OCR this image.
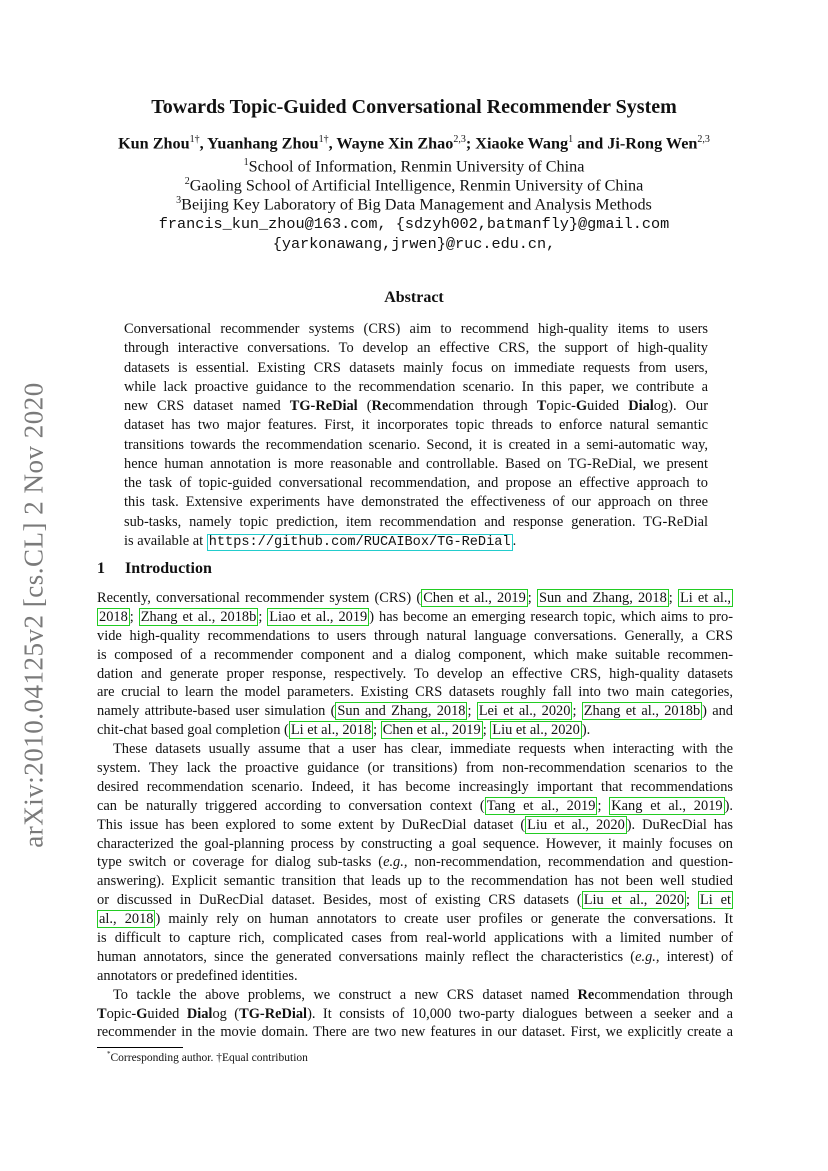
arXiv:2010.04125v2 [cs.CL] 2 Nov 2020
Towards Topic-Guided Conversational Recommender System
Kun Zhou$^{1\dagger}$, Yuanhang Zhou$^{1\dagger}$, Wayne Xin Zhao$^{2,3}$; Xiaoke Wang$^1$ and Ji-Rong Wen$^{2,3}$
$^1$School of Information, Renmin University of China
$^2$Gaoling School of Artificial Intelligence, Renmin University of China
$^3$Beijing Key Laboratory of Big Data Management and Analysis Methods
francis_kun_zhou@163.com, {sdzyh002,batmanfly}@gmail.com
{yarkonawang,jrwen}@ruc.edu.cn,
Abstract
Conversational recommender systems (CRS) aim to recommend high-quality items to users
through interactive conversations. To develop an effective CRS, the support of high-quality
datasets is essential. Existing CRS datasets mainly focus on immediate requests from users,
while lack proactive guidance to the recommendation scenario. In this paper, we contribute a
new CRS dataset named TG-ReDial (Recommendation through Topic-Guided Dialog). Our
dataset has two major features. First, it incorporates topic threads to enforce natural semantic
transitions towards the recommendation scenario. Second, it is created in a semi-automatic way,
hence human annotation is more reasonable and controllable. Based on TG-ReDial, we present
the task of topic-guided conversational recommendation, and propose an effective approach to
this task. Extensive experiments have demonstrated the effectiveness of our approach on three
sub-tasks, namely topic prediction, item recommendation and response generation. TG-ReDial
is available at https://github.com/RUCAIBox/TG-ReDial .
1 Introduction
Recently, conversational recommender system (CRS) ( Chen et al., 2019 ; Sun and Zhang, 2018 ; Li et al.,
2018 ; Zhang et al., 2018b ; Liao et al., 2019 ) has become an emerging research topic, which aims to pro-
vide high-quality recommendations to users through natural language conversations. Generally, a CRS
is composed of a recommender component and a dialog component, which make suitable recommen-
dation and generate proper response, respectively. To develop an effective CRS, high-quality datasets
are crucial to learn the model parameters. Existing CRS datasets roughly fall into two main categories,
namely attribute-based user simulation ( Sun and Zhang, 2018 ; Lei et al., 2020 ; Zhang et al., 2018b ) and
chit-chat based goal completion ( Li et al., 2018 ; Chen et al., 2019 ; Liu et al., 2020 ).
These datasets usually assume that a user has clear, immediate requests when interacting with the
system. They lack the proactive guidance (or transitions) from non-recommendation scenarios to the
desired recommendation scenario. Indeed, it has become increasingly important that recommendations
can be naturally triggered according to conversation context ( Tang et al., 2019 ; Kang et al., 2019 ).
This issue has been explored to some extent by DuRecDial dataset ( Liu et al., 2020 ). DuRecDial has
characterized the goal-planning process by constructing a goal sequence. However, it mainly focuses on
type switch or coverage for dialog sub-tasks (e.g., non-recommendation, recommendation and question-
answering). Explicit semantic transition that leads up to the recommendation has not been well studied
or discussed in DuRecDial dataset. Besides, most of existing CRS datasets ( Liu et al., 2020 ; Li et
al., 2018 ) mainly rely on human annotators to create user profiles or generate the conversations. It
is difficult to capture rich, complicated cases from real-world applications with a limited number of
human annotators, since the generated conversations mainly reflect the characteristics (e.g., interest) of
annotators or predefined identities.
To tackle the above problems, we construct a new CRS dataset named Recommendation through
Topic-Guided Dialog (TG-ReDial). It consists of 10,000 two-party dialogues between a seeker and a
recommender in the movie domain. There are two new features in our dataset. First, we explicitly create a
*Corresponding author. †Equal contribution
